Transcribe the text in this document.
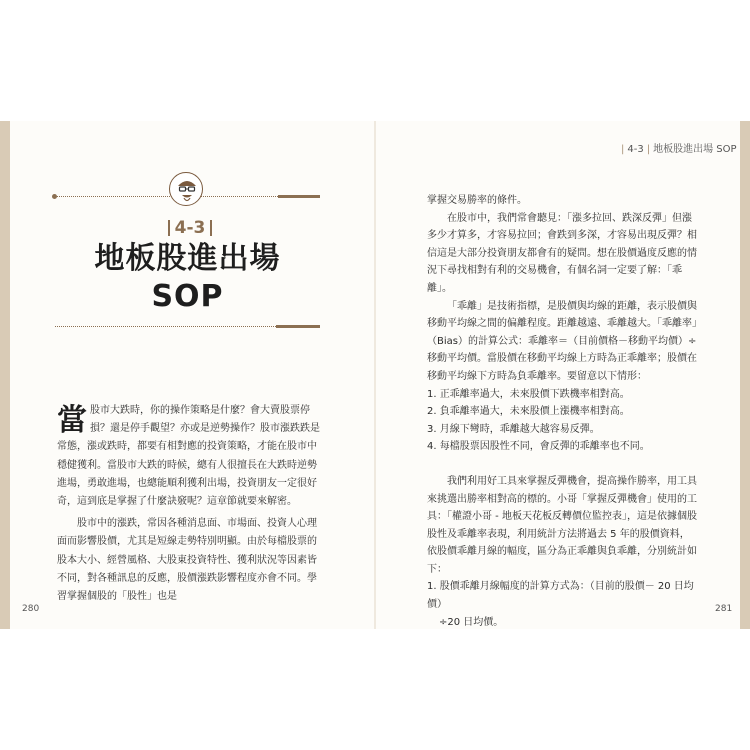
| 4-3 | 地板股進出場 SOP
4-3
地板股進出場
SOP

當股市大跌時，你的操作策略是什麼？會大賣股票停損？還是停手觀望？亦或是逆勢操作？股市漲跌跌是常態，漲或跌時，都要有相對應的投資策略，才能在股市中穩健獲利。當股市大跌的時候，總有人很擅長在大跌時逆勢進場，勇敢進場，也總能順利獲利出場，投資朋友一定很好奇，這到底是掌握了什麼訣竅呢？這章節就要來解密。

股市中的漲跌，常因各種消息面、市場面、投資人心理面而影響股價，尤其是短線走勢特別明顯。由於每檔股票的股本大小、經營風格、大股東投資特性、獲利狀況等因素皆不同，對各種訊息的反應，股價漲跌影響程度亦會不同。學習掌握個股的「股性」也是

280

掌握交易勝率的條件。

在股市中，我們常會聽見：「漲多拉回、跌深反彈」但漲多少才算多，才容易拉回；會跌到多深，才容易出現反彈？相信這是大部分投資朋友都會有的疑問。想在股價過度反應的情況下尋找相對有利的交易機會，有個名詞一定要了解：「乖離」。

「乖離」是技術指標，是股價與均線的距離，表示股價與移動平均線之間的偏離程度。距離越遠、乖離越大。「乖離率」（Bias）的計算公式：乖離率＝（目前價格－移動平均價）÷ 移動平均價。當股價在移動平均線上方時為正乖離率；股價在移動平均線下方時為負乖離率。要留意以下情形：

1. 正乖離率過大，未來股價下跌機率相對高。

2. 負乖離率過大，未來股價上漲機率相對高。

3. 月線下彎時，乖離越大越容易反彈。

4. 每檔股票因股性不同，會反彈的乖離率也不同。

我們利用好工具來掌握反彈機會，提高操作勝率，用工具來挑選出勝率相對高的標的。小哥「掌握反彈機會」使用的工具：「權證小哥 - 地板天花板反轉價位監控表」，這是依據個股股性及乖離率表現，利用統計方法將過去 5 年的股價資料，依股價乖離月線的幅度，區分為正乖離與負乖離，分別統計如下：

1. 股價乖離月線幅度的計算方式為：（目前的股價－ 20 日均價）

÷20 日均價。

281
